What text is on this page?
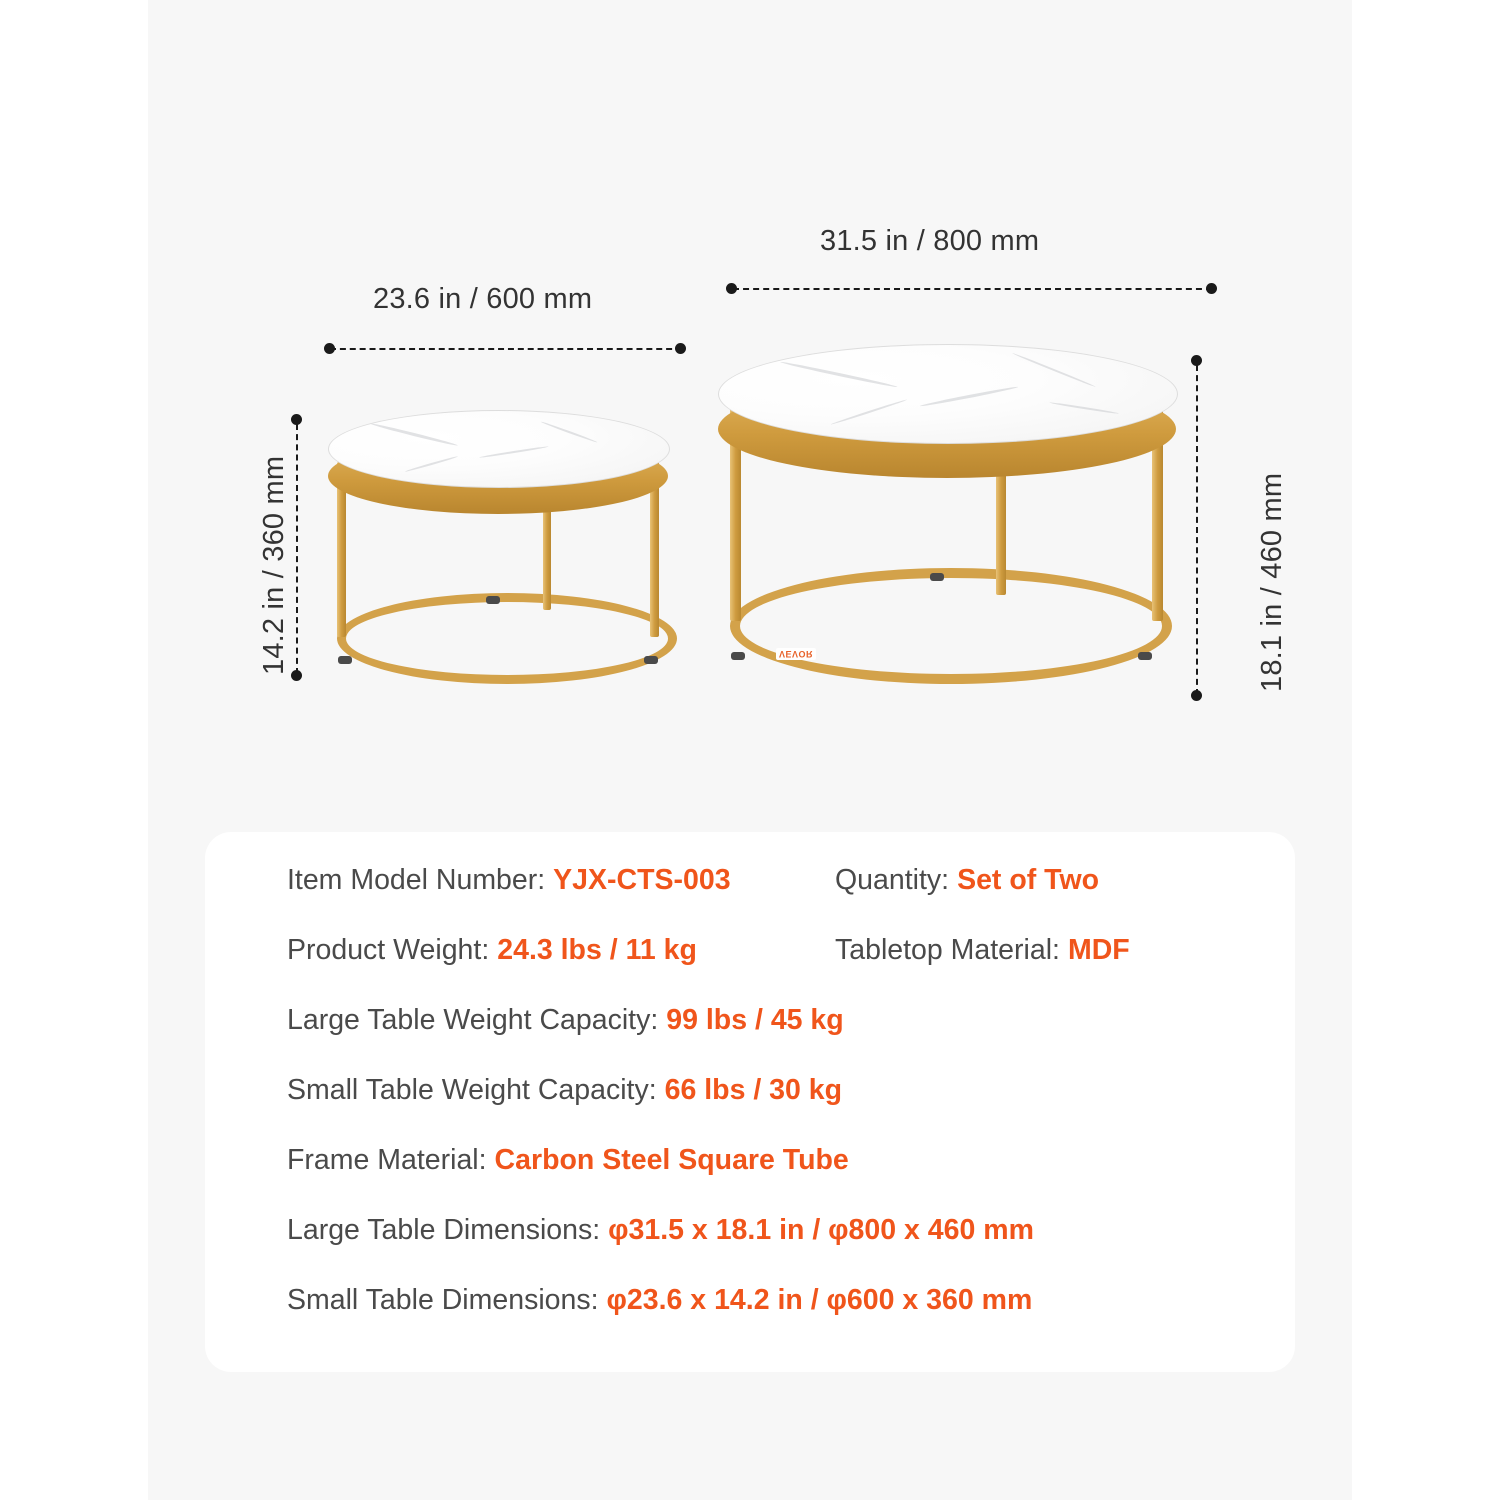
23.6 in / 600 mm
14.2 in / 360 mm
31.5 in / 800 mm
18.1 in / 460 mm
VEVOR
Item Model Number: YJX-CTS-003	Quantity: Set of Two
Product Weight: 24.3 lbs / 11 kg	Tabletop Material: MDF
Large Table Weight Capacity: 99 lbs / 45 kg
Small Table Weight Capacity: 66 lbs / 30 kg
Frame Material: Carbon Steel Square Tube
Large Table Dimensions: φ31.5 x 18.1 in / φ800 x 460 mm
Small Table Dimensions: φ23.6 x 14.2 in / φ600 x 360 mm
